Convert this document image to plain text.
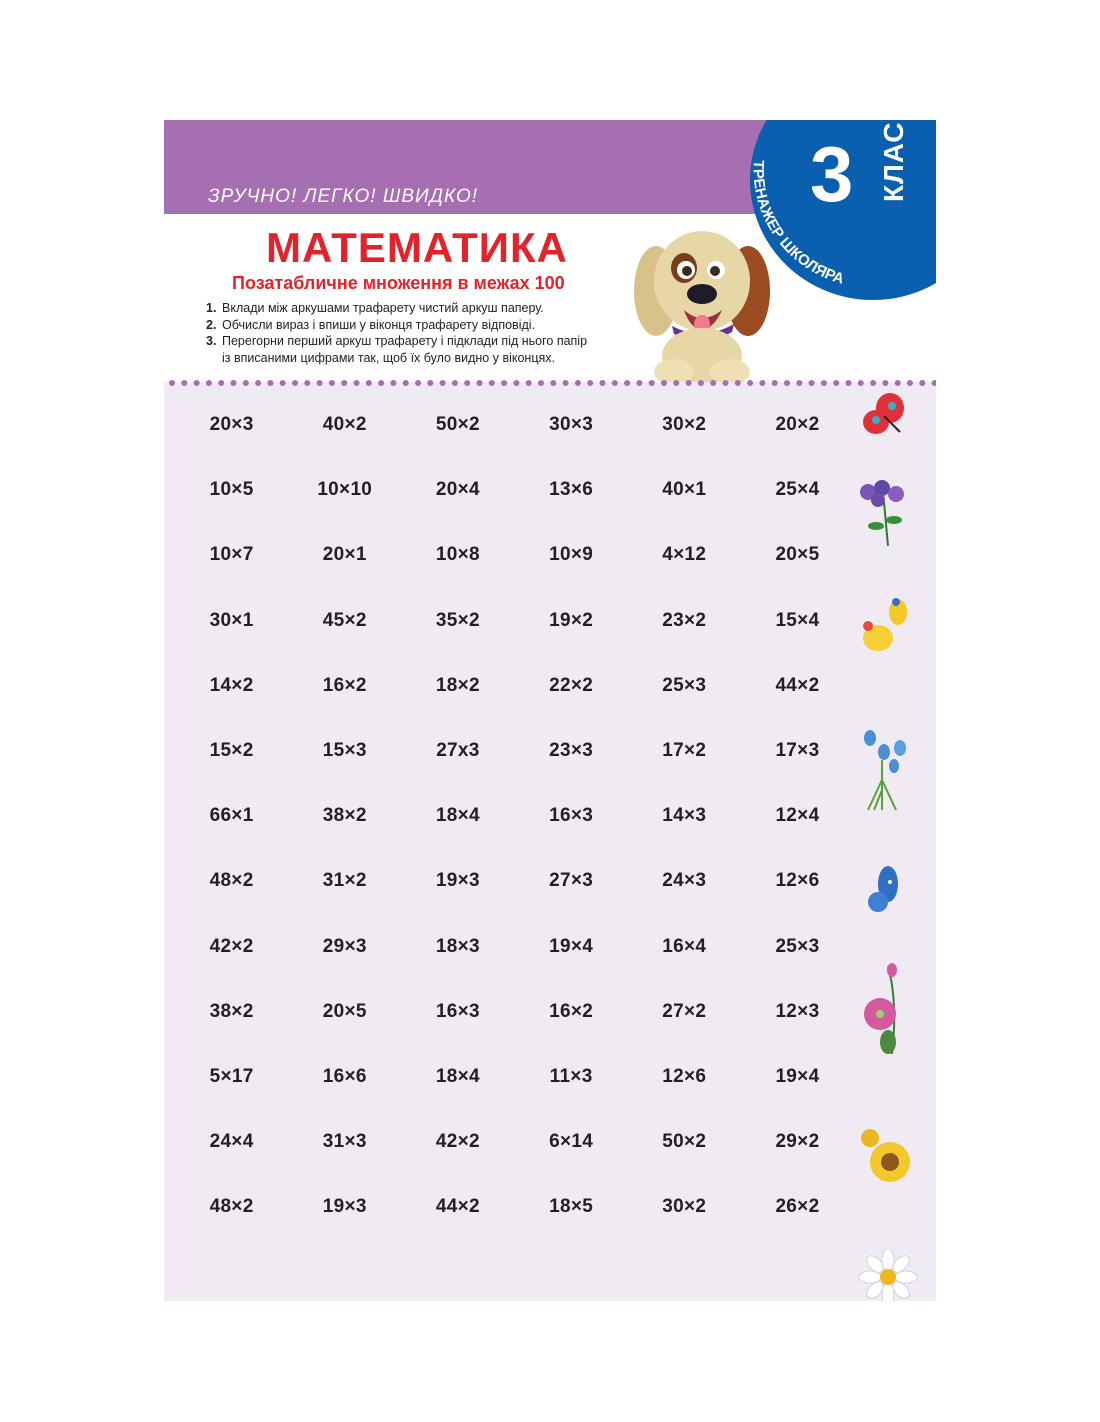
ЗРУЧНО! ЛЕГКО! ШВИДКО!	3 КЛАС
ТРЕНАЖЕР ШКОЛЯРА
МАТЕМАТИКА
Позатабличне множення в межах 100
1. Вклади між аркушами трафарету чистий аркуш паперу.
2. Обчисли вираз і впиши у віконця трафарету відповіді.
3. Перегорни перший аркуш трафарету і підклади під нього папір
із вписаними цифрами так, щоб їх було видно у віконцях.
20×3	40×2	50×2	30×3	30×2	20×2
10×5	10×10	20×4	13×6	40×1	25×4
10×7	20×1	10×8	10×9	4×12	20×5
30×1	45×2	35×2	19×2	23×2	15×4
14×2	16×2	18×2	22×2	25×3	44×2
15×2	15×3	27x3	23×3	17×2	17×3
66×1	38×2	18×4	16×3	14×3	12×4
48×2	31×2	19×3	27×3	24×3	12×6
42×2	29×3	18×3	19×4	16×4	25×3
38×2	20×5	16×3	16×2	27×2	12×3
5×17	16×6	18×4	11×3	12×6	19×4
24×4	31×3	42×2	6×14	50×2	29×2
48×2	19×3	44×2	18×5	30×2	26×2
